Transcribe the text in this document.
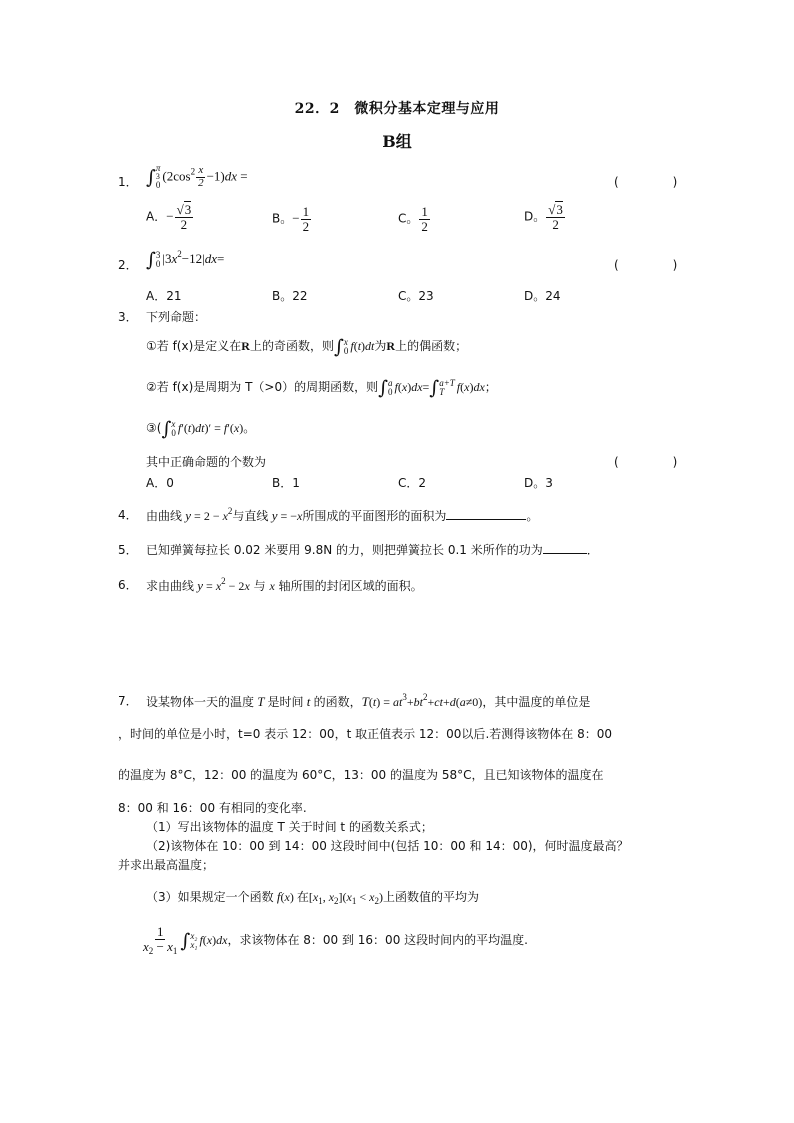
22．2　微积分基本定理与应用
B组
1． ∫ π
3
0
$(2\cos^2 \frac{x}{2} -1)dx$ =	(　　)
A．− $\frac{√3}{2}$	B。− $\frac{1}{2}$	C。 $\frac{1}{2}$	D。 $\frac{√3}{2}$
2． ∫ 3
0 $|3x^2-12|dx=$	(　　)
A．21	B。22	C。23	D。24
3． 下列命题：
①若 f(x)是定义在R上的奇函数，则∫ x
0 f(t)dt为R上的偶函数；
②若 f(x)是周期为 T（>0）的周期函数，则∫ a
0 f(x)dx=∫ a+T
T	f(x)dx；
③(∫ x
0 f′(t)dt)′ = f′(x)。
其中正确命题的个数为	(　　)
A．0	B．1	C．2	D。3
4． 由曲线 $y = 2 - x^2$与直线 y = −x所围成的平面图形的面积为	。
5． 已知弹簧每拉长 0.02 米要用 9.8N 的力，则把弹簧拉长 0.1 米所作的功为	．
6． 求由曲线 $y = x^2 - 2x$ 与 x 轴所围的封闭区域的面积。
7． 设某物体一天的温度 T 是时间 t 的函数，$T(t) = at^3+bt^2+ct+d(a\ne 0)$，其中温度的单位是
，时间的单位是小时，t=0 表示 12：00，t 取正值表示 12：00以后.若测得该物体在 8：00
的温度为 8°C，12：00 的温度为 60°C，13：00 的温度为 58°C，且已知该物体的温度在
8：00 和 16：00 有相同的变化率.
（1）写出该物体的温度 T 关于时间 t 的函数关系式；
（2)该物体在 10：00 到 14：00 这段时间中(包括 10：00 和 14：00)，何时温度最高？
并求出最高温度；
（3）如果规定一个函数 f(x) 在[$x_1$, $x_2](x_1 < x_2)$上函数值的平均为
$\frac{1}{x_2 - x_1}$ ∫ x₂
x₁ f(x)dx，求该物体在 8：00 到 16：00 这段时间内的平均温度.
